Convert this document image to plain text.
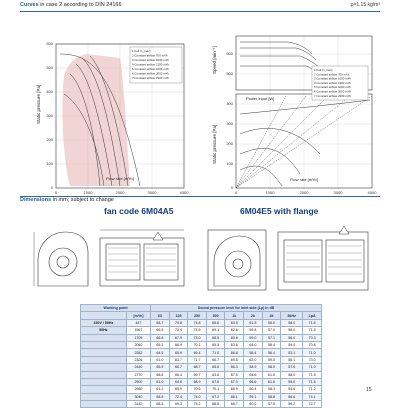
Curves in case 2 according to DIN 24166	ρ=1.15 kg/m³
0
100
200
300
400
500
600
Static pressure [Pa]
0	1000	2000	3000	4000
Flow rate [m³/h]
1 Full (n_max)
2 Constant airflow 700 m³/h
3 Constant airflow 1000 m³/h
4 Constant airflow 1300 m³/h
5 Constant airflow 1600 m³/h
6 Constant airflow 2000 m³/h
7 Constant airflow 2300 m³/h
0
100
200
300
400
500
600
Static pressure [Pa]
Speed [min⁻¹]
Power input [W]
0	1000	2000	3000	4000
Flow rate [m³/h]
1 Full (n_max)
2 Constant airflow 700 m³/h
3 Constant airflow 1000 m³/h
4 Constant airflow 1300 m³/h
5 Constant airflow 1600 m³/h
6 Constant airflow 2000 m³/h
7 Constant airflow 2300 m³/h

Dimensions in mm; subject to change
fan code 6M04A5	6M04E5 with flange
Working point		Sound pressure level for inlet side (Lp) in dB								
	[m³/h]	63	125	250	500	1k	2k	4k	8kHz	LpA
230V / 50Hz	447	68.7	70.8	74.8	66.6	63.5	61.5	56.0	58.0	71.6
50Hz	1567	66.5	73.4	74.5	69.1	62.6	59.8	57.0	58.0	71.5
	1709	66.8	67.9	73.0	68.5	60.6	59.0	57.1	56.0	70.3
	2060	65.1	66.9	70.1	65.5	63.6	64.0	58.4	59.0	70.8
	2282	64.5	65.9	69.4	71.0	66.8	58.4	56.4	53.1	71.0
	2326	61.0	63.7	71.7	66.7	69.5	62.0	59.5	55.1	73.0
	2440	65.9	66.7	68.7	65.6	66.3	58.9	58.0	57.6	71.0
	2770	68.6	66.4	69.7	63.6	67.5	64.6	61.0	58.0	71.5
	2900	61.0	64.6	68.9	67.6	67.0	66.6	61.6	55.0	71.5
	2980	61.2	65.9	70.6	70.1	65.9	60.4	58.3	54.6	71.2
	3040	68.5	72.4	74.0	67.2	68.1	59.1	58.8	56.6	74.1
	3142	68.5	69.3	75.2	68.6	66.7	60.0	57.5	56.2	72.7
15
